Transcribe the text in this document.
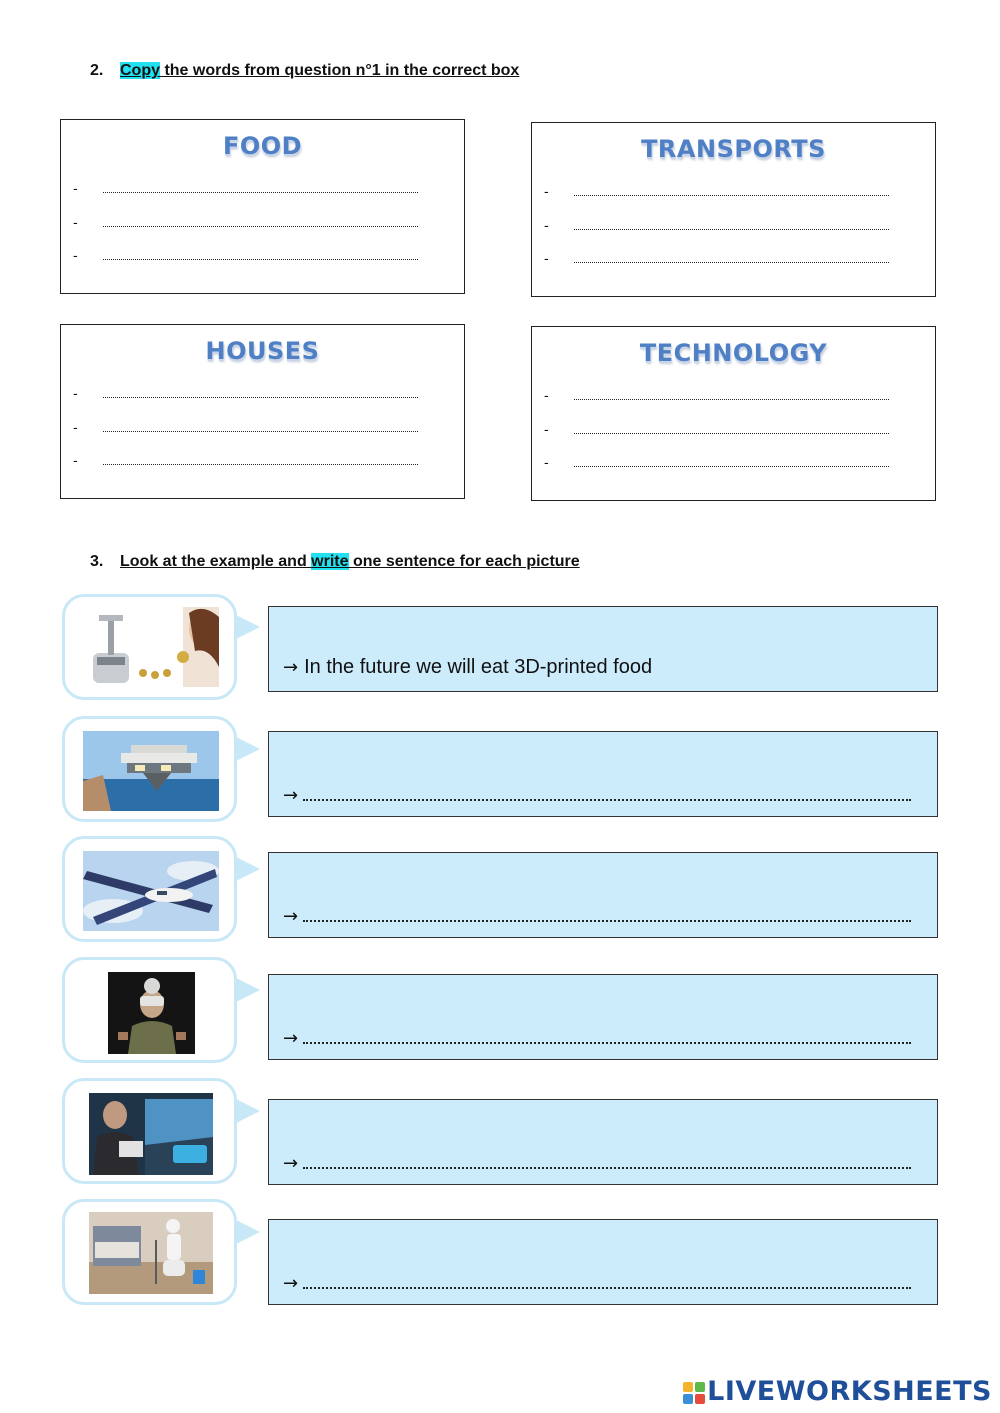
2. Copy the words from question n°1 in the correct box
FOOD
-
-
-
TRANSPORTS
-
-
-
HOUSES
-
-
-
TECHNOLOGY
-
-
-
3. Look at the example and write one sentence for each picture
→ In the future we will eat 3D-printed food
→
→
→
→
→
LIVEWORKSHEETS
